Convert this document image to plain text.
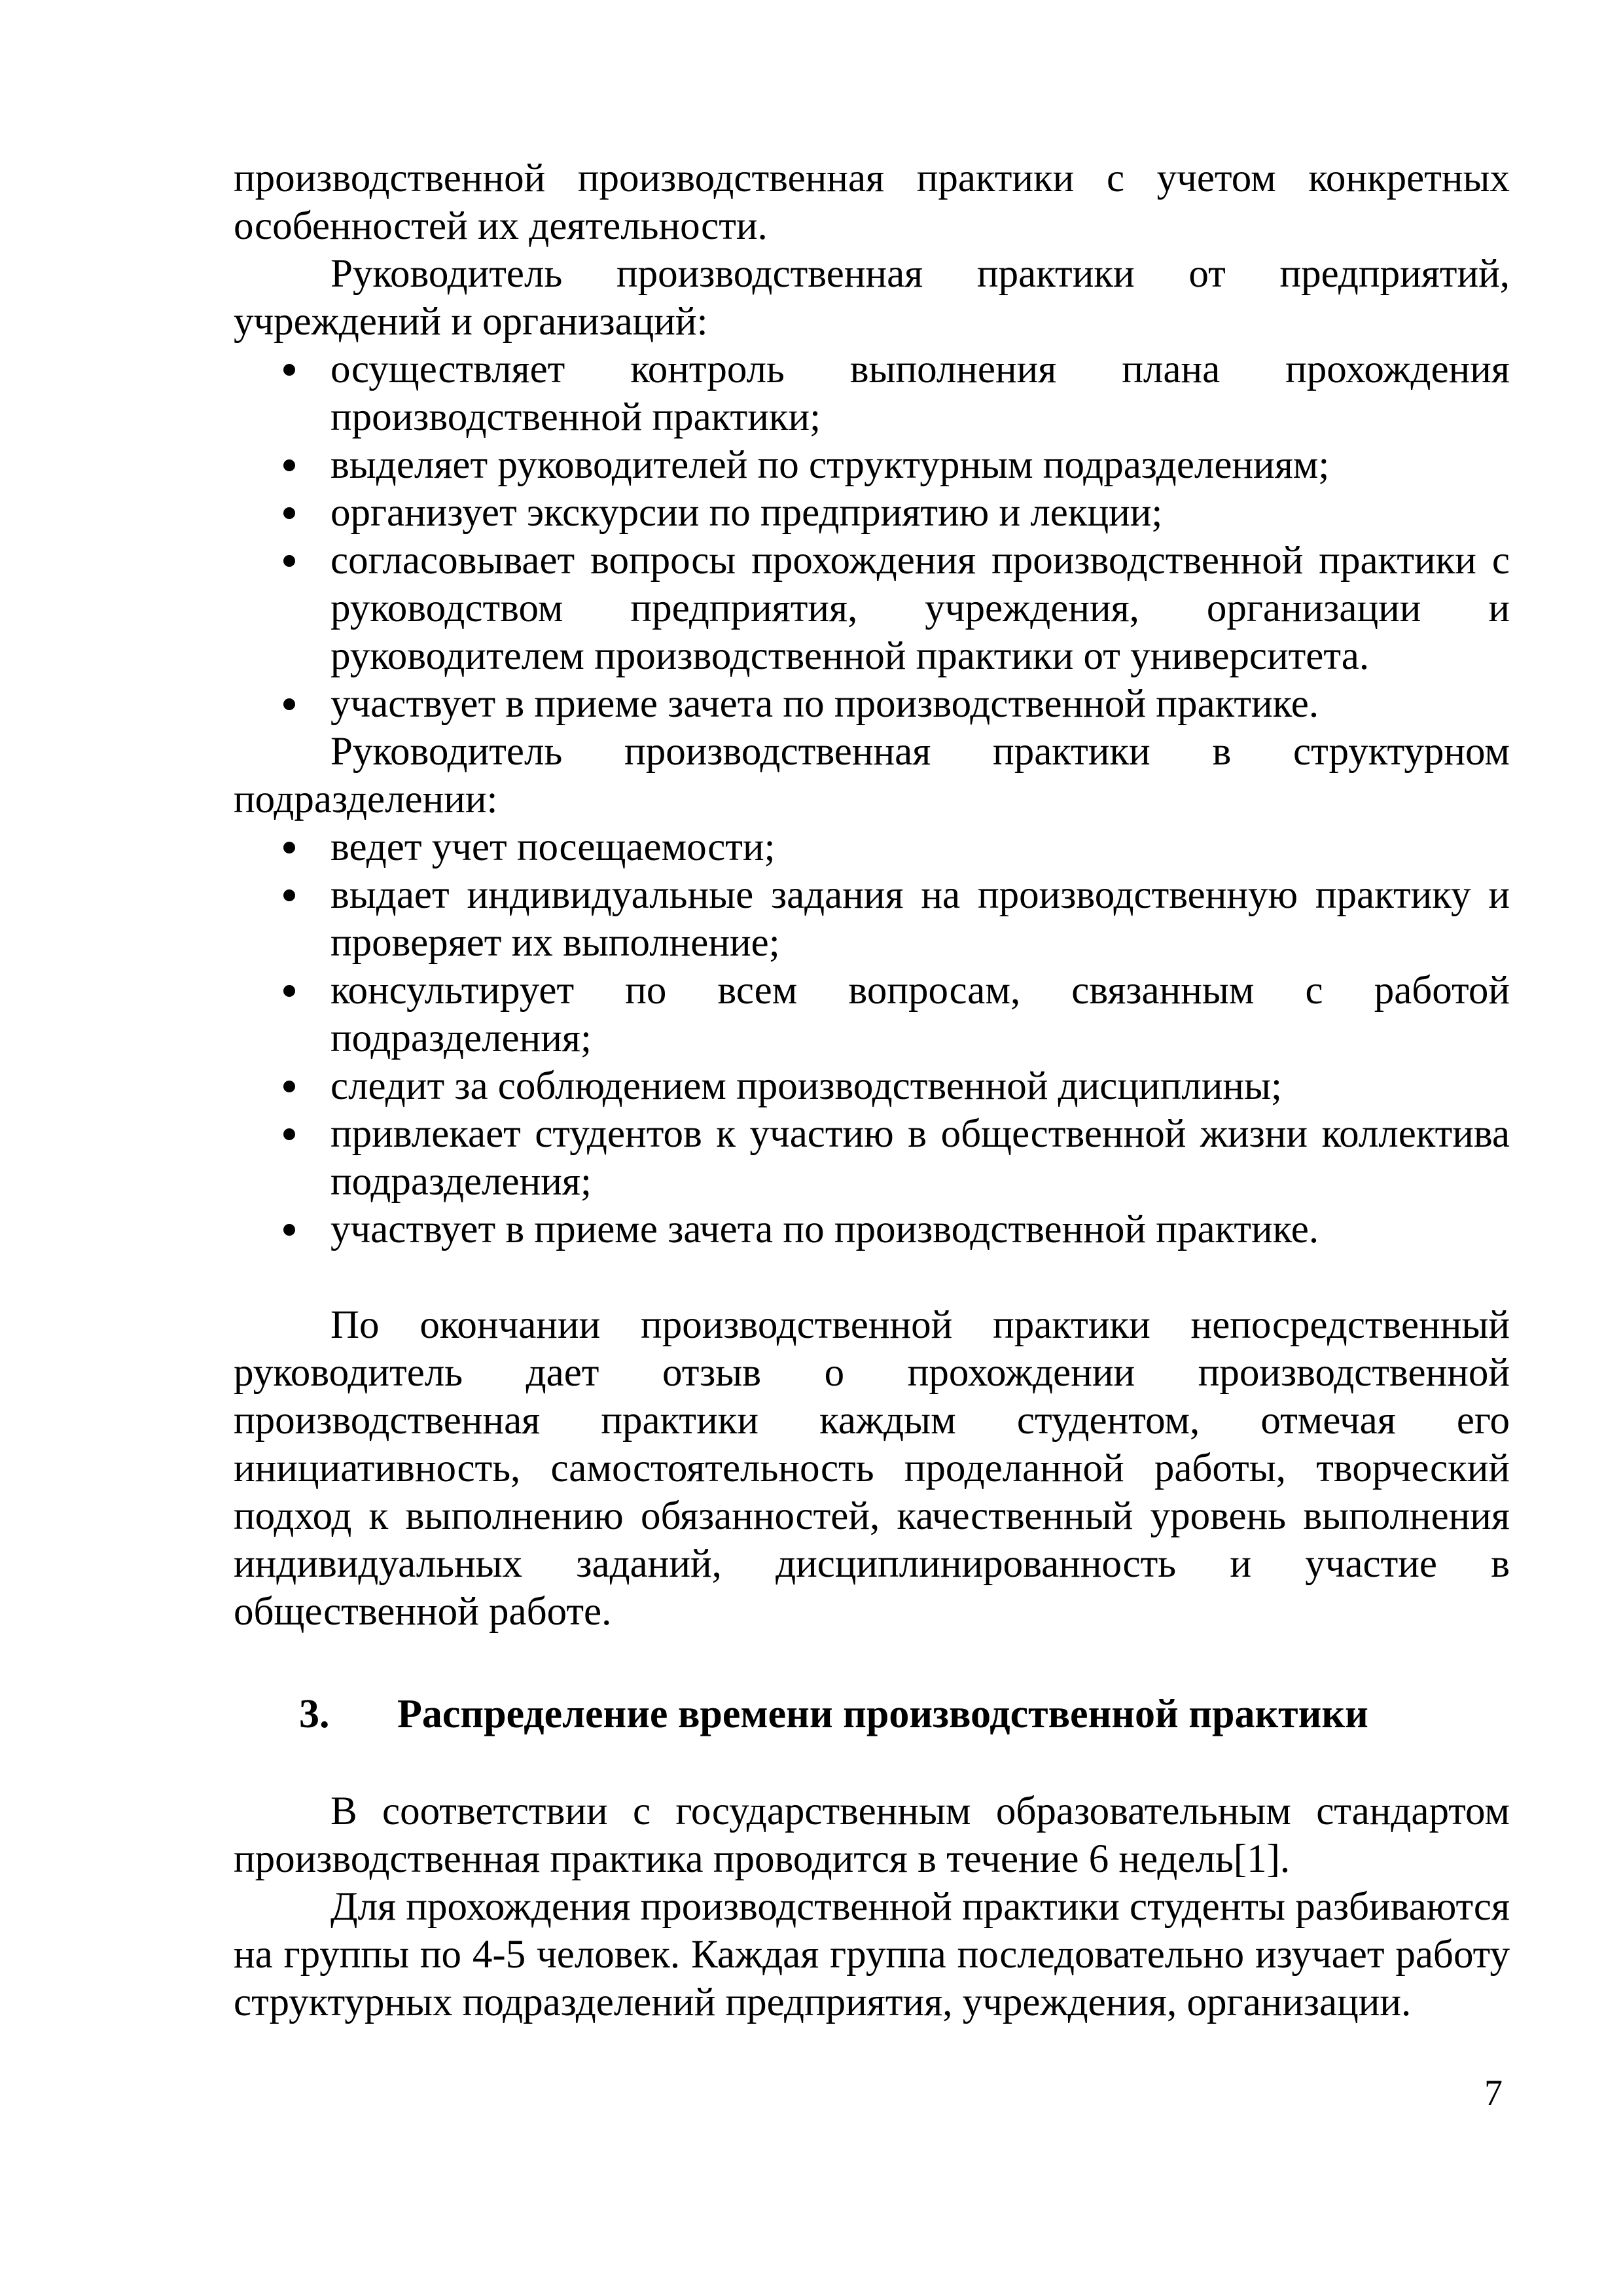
производственной производственная практики с учетом конкретных особенностей их деятельности.

Руководитель производственная практики от предприятий, учреждений и организаций:

осуществляет контроль выполнения плана прохождения производственной практики;
выделяет руководителей по структурным подразделениям;
организует экскурсии по предприятию и лекции;
согласовывает вопросы прохождения производственной практики с руководством предприятия, учреждения, организации и руководителем производственной практики от университета.
участвует в приеме зачета по производственной практике.

Руководитель производственная практики в структурном подразделении:

ведет учет посещаемости;
выдает индивидуальные задания на производственную практику и проверяет их выполнение;
консультирует по всем вопросам, связанным с работой подразделения;
следит за соблюдением производственной дисциплины;
привлекает студентов к участию в общественной жизни коллектива подразделения;
участвует в приеме зачета по производственной практике.

По окончании производственной практики непосредственный руководитель дает отзыв о прохождении производственной производственная практики каждым студентом, отмечая его инициативность, самостоятельность проделанной работы, творческий подход к выполнению обязанностей, качественный уровень выполнения индивидуальных заданий, дисциплинированность и участие в общественной работе.

3.	Распределение времени производственной практики

В соответствии с государственным образовательным стандартом производственная практика проводится в течение 6 недель[1].

Для прохождения производственной практики студенты разбиваются на группы по 4-5 человек. Каждая группа последовательно изучает работу структурных подразделений предприятия, учреждения, организации.

7
